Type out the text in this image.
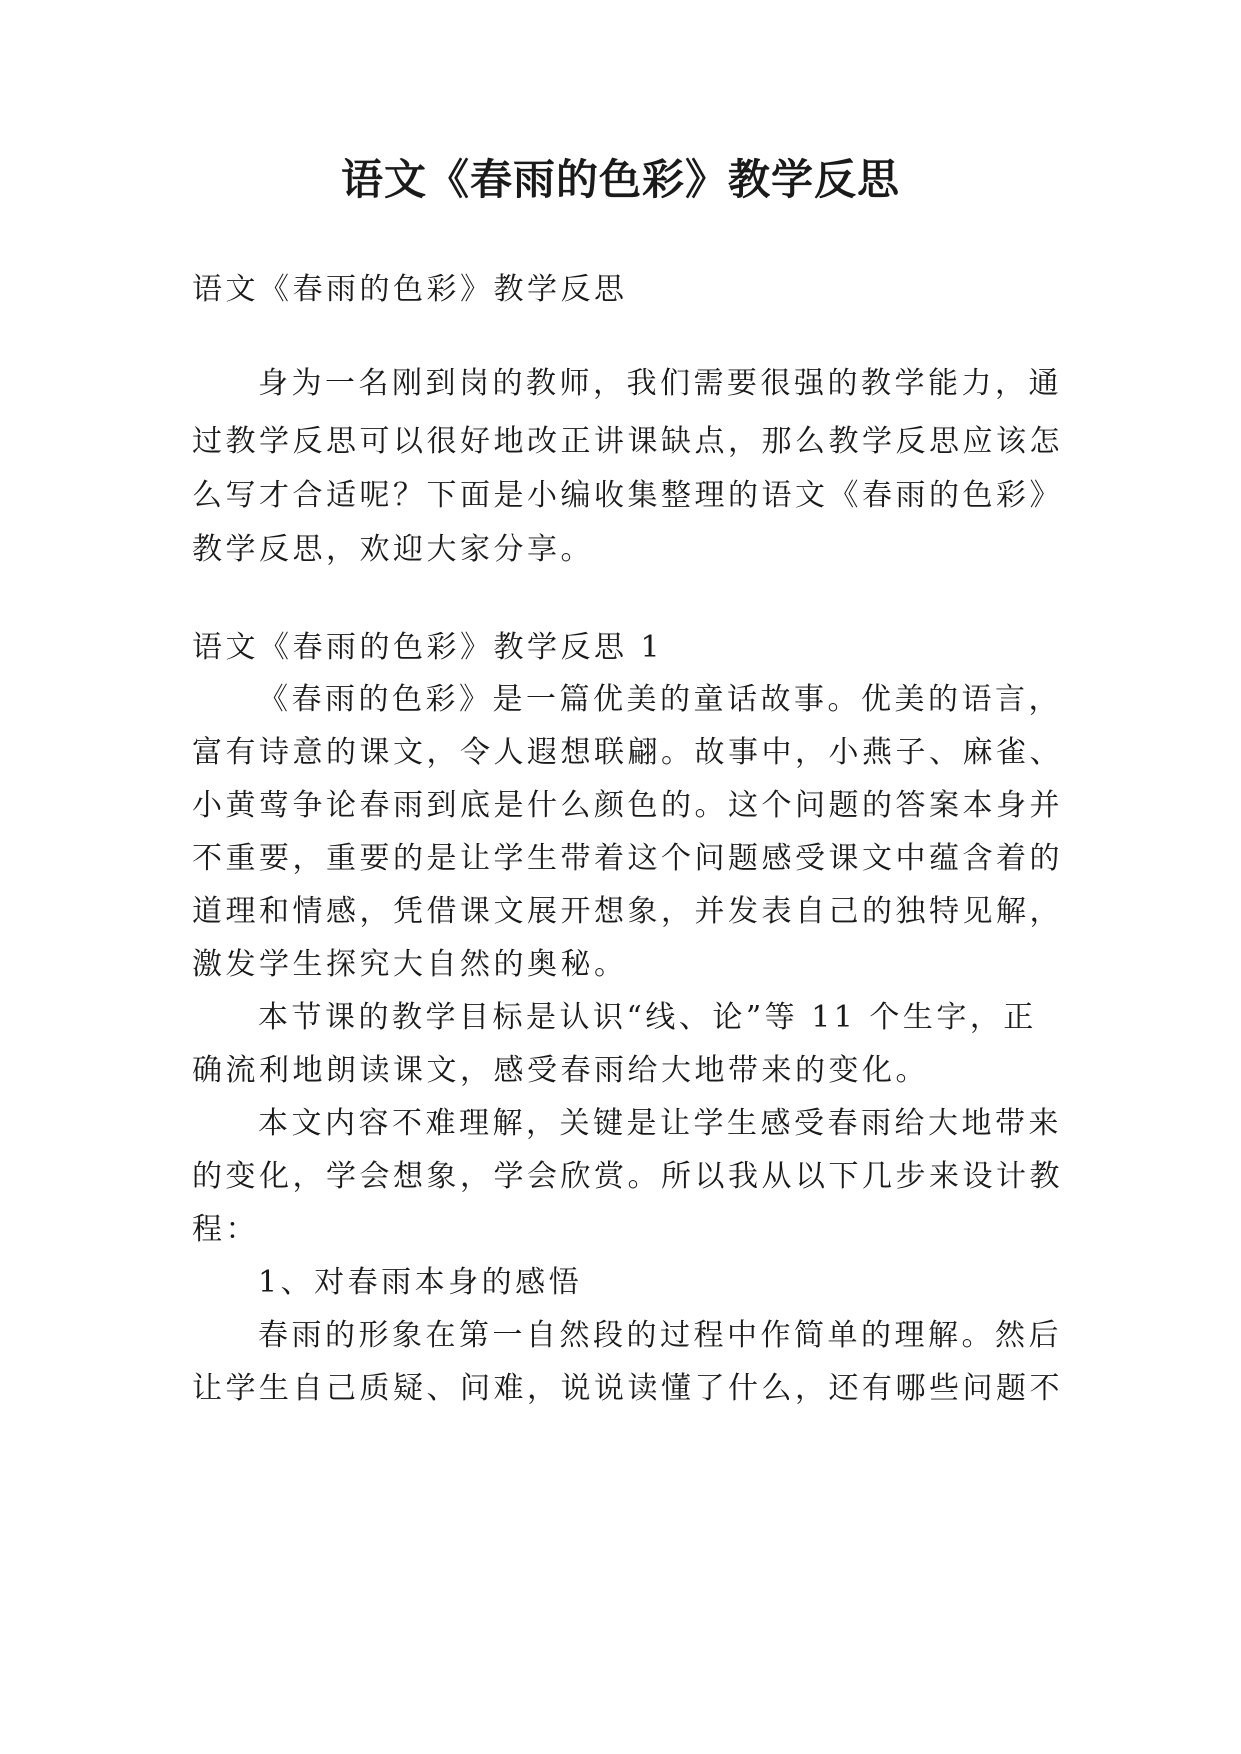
语文《春雨的色彩》教学反思

语文《春雨的色彩》教学反思

身为一名刚到岗的教师，我们需要很强的教学能力，通

过教学反思可以很好地改正讲课缺点，那么教学反思应该怎

么写才合适呢？下面是小编收集整理的语文《春雨的色彩》

教学反思，欢迎大家分享。

语文《春雨的色彩》教学反思 1

《春雨的色彩》是一篇优美的童话故事。优美的语言，

富有诗意的课文，令人遐想联翩。故事中，小燕子、麻雀、

小黄莺争论春雨到底是什么颜色的。这个问题的答案本身并

不重要，重要的是让学生带着这个问题感受课文中蕴含着的

道理和情感，凭借课文展开想象，并发表自己的独特见解，

激发学生探究大自然的奥秘。

本节课的教学目标是认识“线、论”等 11 个生字，正

确流利地朗读课文，感受春雨给大地带来的变化。

本文内容不难理解，关键是让学生感受春雨给大地带来

的变化，学会想象，学会欣赏。所以我从以下几步来设计教

程：

1、对春雨本身的感悟

春雨的形象在第一自然段的过程中作简单的理解。然后

让学生自己质疑、问难，说说读懂了什么，还有哪些问题不
